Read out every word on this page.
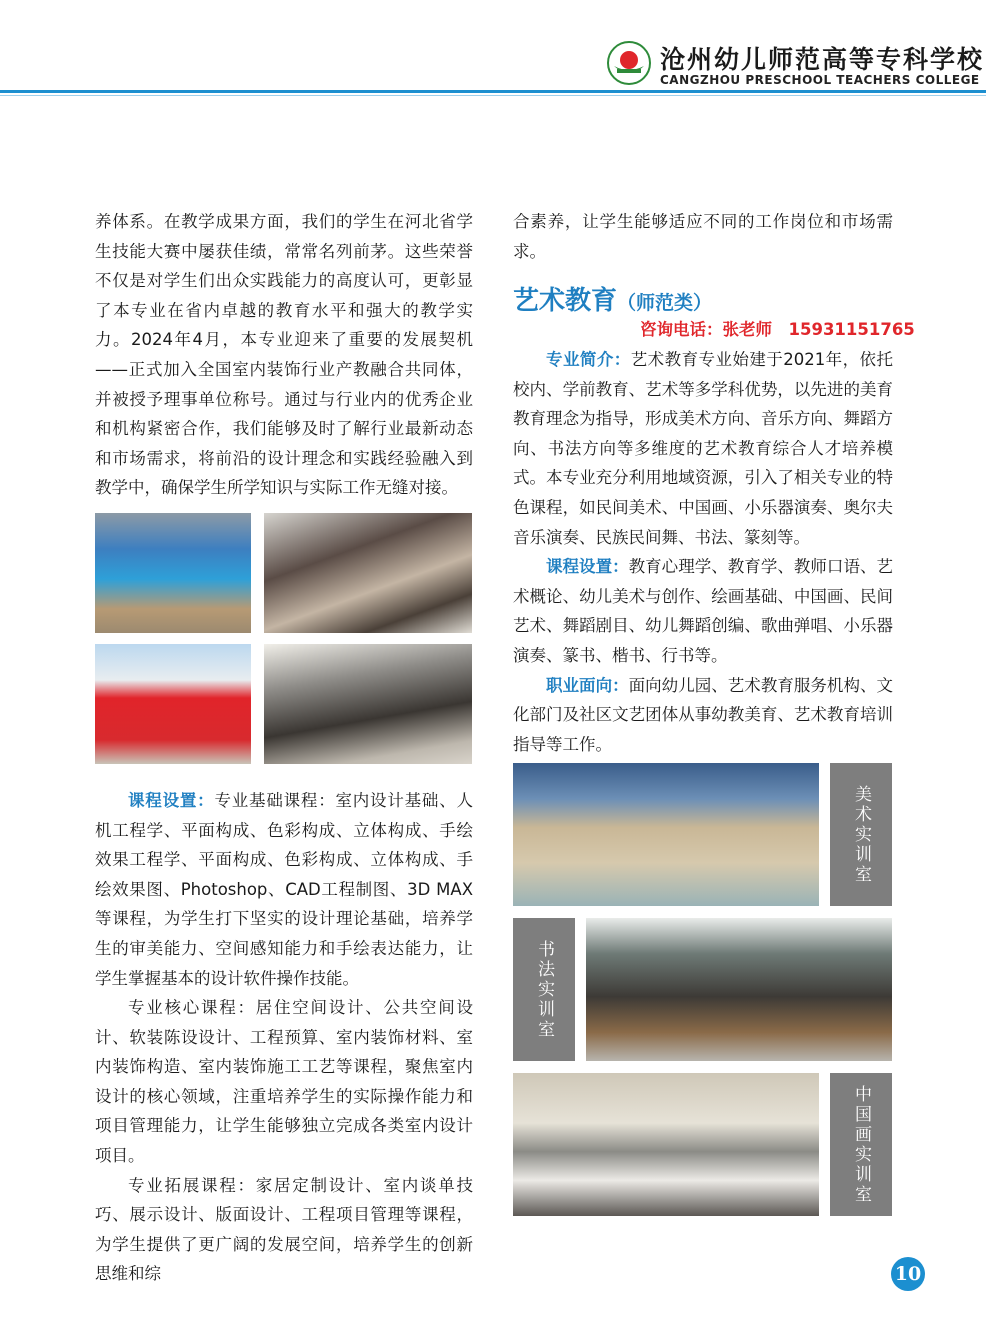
沧州幼儿师范高等专科学校
CANGZHOU PRESCHOOL TEACHERS COLLEGE

养体系。在教学成果方面，我们的学生在河北省学生技能大赛中屡获佳绩，常常名列前茅。这些荣誉不仅是对学生们出众实践能力的高度认可，更彰显了本专业在省内卓越的教育水平和强大的教学实力。2024年4月，本专业迎来了重要的发展契机——正式加入全国室内装饰行业产教融合共同体，并被授予理事单位称号。通过与行业内的优秀企业和机构紧密合作，我们能够及时了解行业最新动态和市场需求，将前沿的设计理念和实践经验融入到教学中，确保学生所学知识与实际工作无缝对接。

课程设置：专业基础课程：室内设计基础、人机工程学、平面构成、色彩构成、立体构成、手绘效果工程学、平面构成、色彩构成、立体构成、手绘效果图、Photoshop、CAD工程制图、3D MAX等课程，为学生打下坚实的设计理论基础，培养学生的审美能力、空间感知能力和手绘表达能力，让学生掌握基本的设计软件操作技能。

专业核心课程：居住空间设计、公共空间设计、软装陈设设计、工程预算、室内装饰材料、室内装饰构造、室内装饰施工工艺等课程，聚焦室内设计的核心领域，注重培养学生的实际操作能力和项目管理能力，让学生能够独立完成各类室内设计项目。

专业拓展课程：家居定制设计、室内谈单技巧、展示设计、版面设计、工程项目管理等课程，为学生提供了更广阔的发展空间，培养学生的创新思维和综

合素养，让学生能够适应不同的工作岗位和市场需求。

艺术教育（师范类）
咨询电话：张老师　15931151765

专业简介：艺术教育专业始建于2021年，依托校内、学前教育、艺术等多学科优势，以先进的美育教育理念为指导，形成美术方向、音乐方向、舞蹈方向、书法方向等多维度的艺术教育综合人才培养模式。本专业充分利用地域资源，引入了相关专业的特色课程，如民间美术、中国画、小乐器演奏、奥尔夫音乐演奏、民族民间舞、书法、篆刻等。

课程设置：教育心理学、教育学、教师口语、艺术概论、幼儿美术与创作、绘画基础、中国画、民间艺术、舞蹈剧目、幼儿舞蹈创编、歌曲弹唱、小乐器演奏、篆书、楷书、行书等。

职业面向：面向幼儿园、艺术教育服务机构、文化部门及社区文艺团体从事幼教美育、艺术教育培训指导等工作。

美术实训室
书法实训室
中国画实训室
10
